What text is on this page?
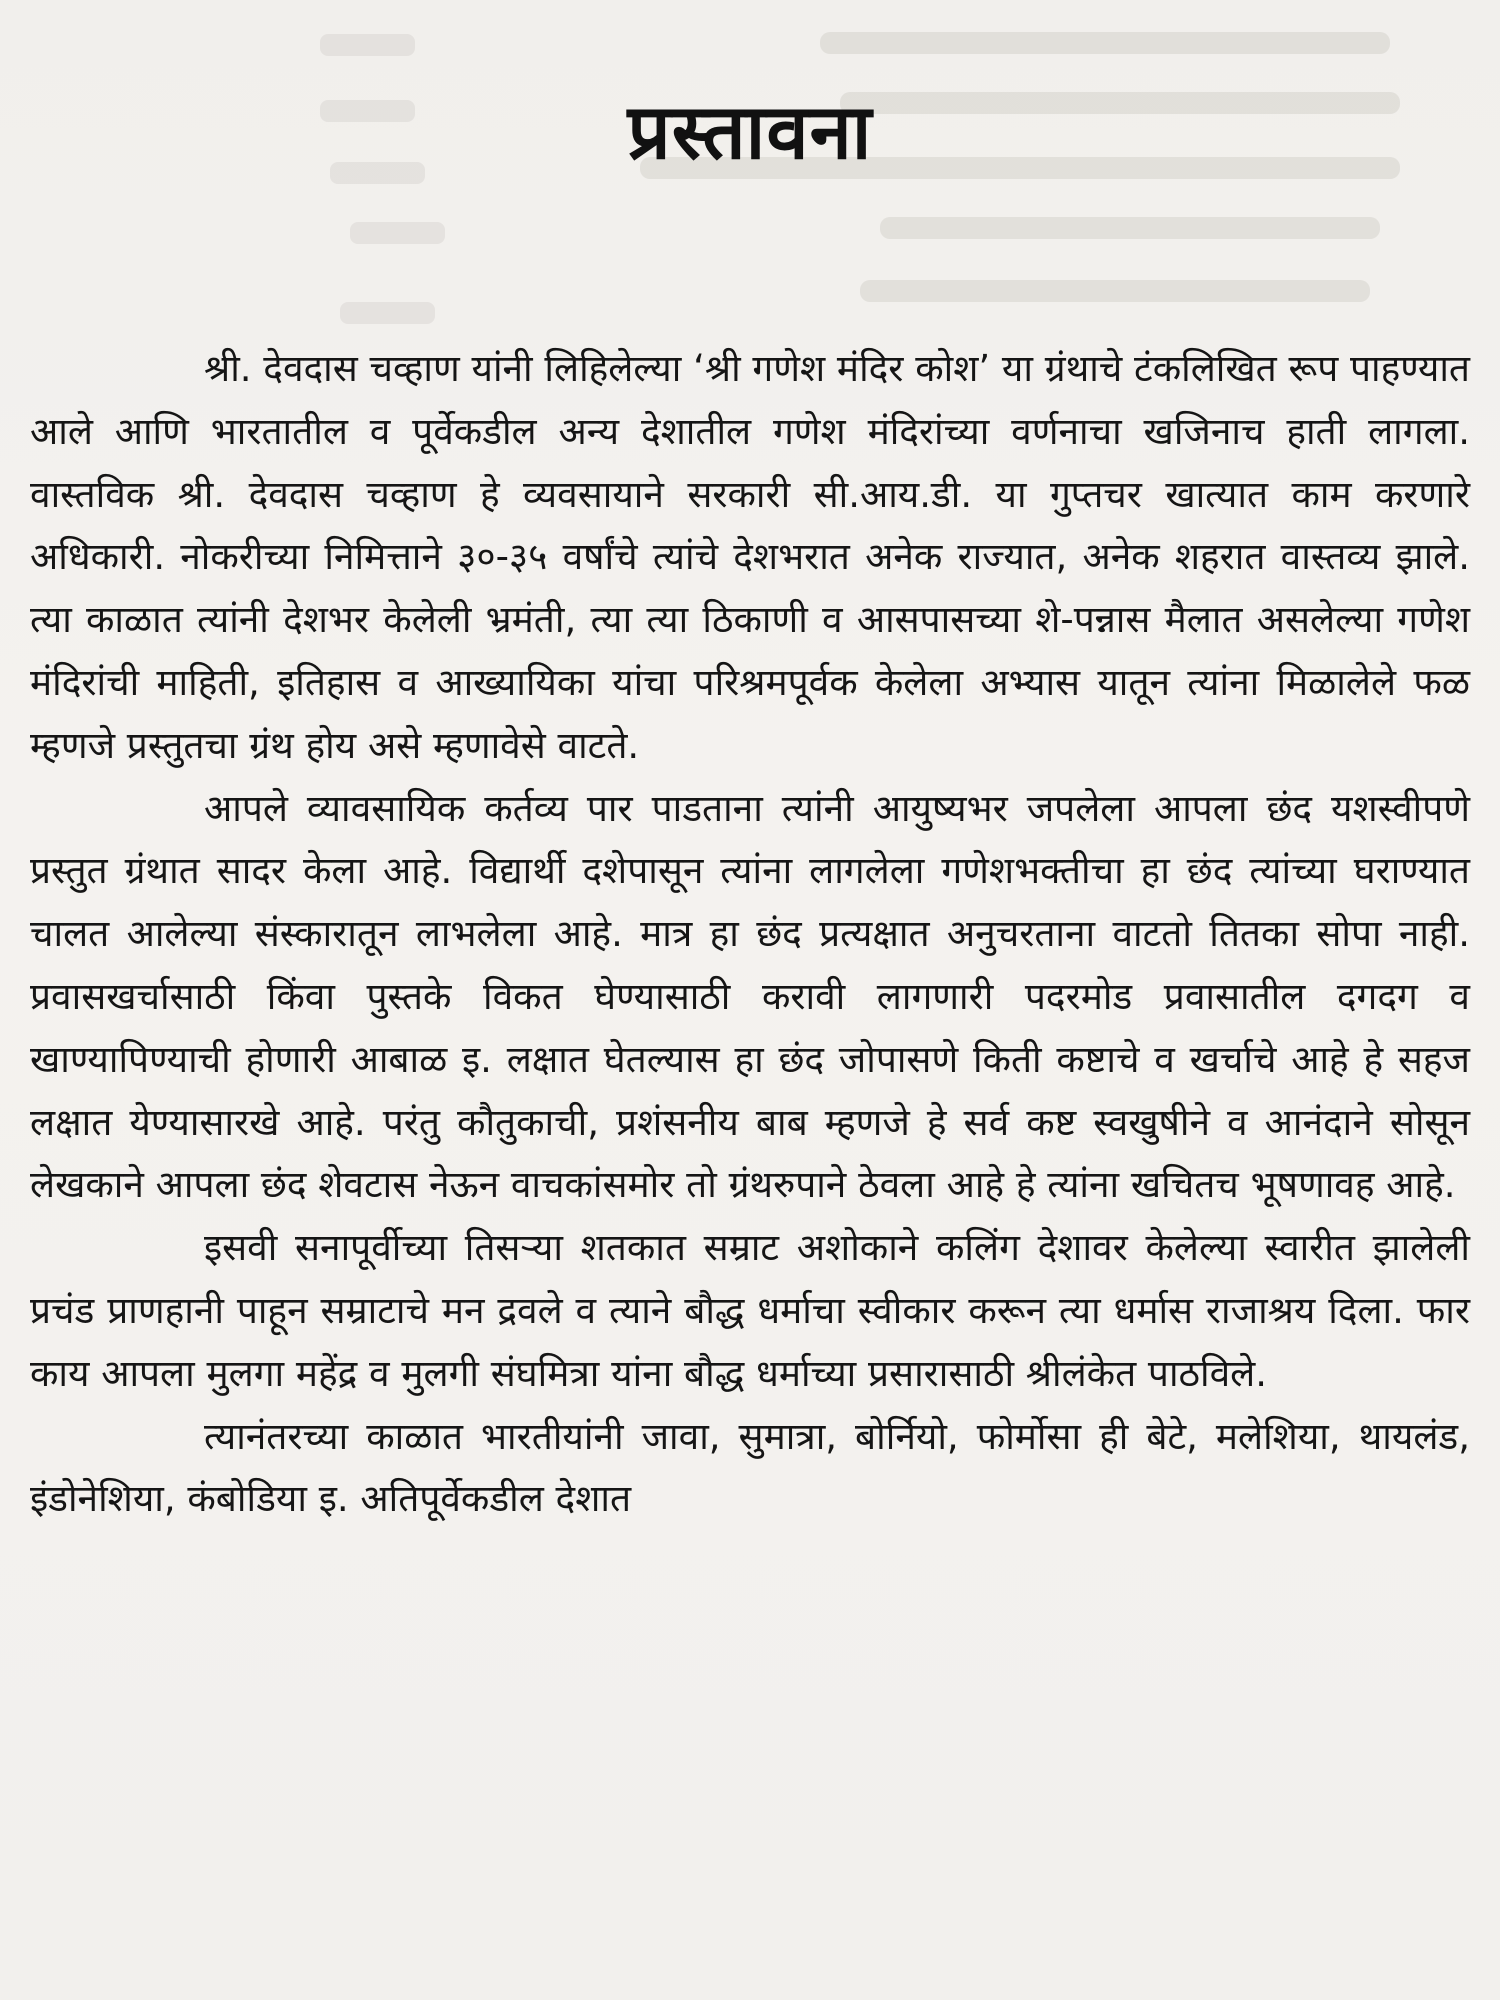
प्रस्तावना

श्री. देवदास चव्हाण यांनी लिहिलेल्या ‘श्री गणेश मंदिर कोश’ या ग्रंथाचे टंकलिखित रूप पाहण्यात आले आणि भारतातील व पूर्वेकडील अन्य देशातील गणेश मंदिरांच्या वर्णनाचा खजिनाच हाती लागला. वास्तविक श्री. देवदास चव्हाण हे व्यवसायाने सरकारी सी.आय.डी. या गुप्तचर खात्यात काम करणारे अधिकारी. नोकरीच्या निमित्ताने ३०-३५ वर्षांचे त्यांचे देशभरात अनेक राज्यात, अनेक शहरात वास्तव्य झाले. त्या काळात त्यांनी देशभर केलेली भ्रमंती, त्या त्या ठिकाणी व आसपासच्या शे-पन्नास मैलात असलेल्या गणेश मंदिरांची माहिती, इतिहास व आख्यायिका यांचा परिश्रमपूर्वक केलेला अभ्यास यातून त्यांना मिळालेले फळ म्हणजे प्रस्तुतचा ग्रंथ होय असे म्हणावेसे वाटते.

आपले व्यावसायिक कर्तव्य पार पाडताना त्यांनी आयुष्यभर जपलेला आपला छंद यशस्वीपणे प्रस्तुत ग्रंथात सादर केला आहे. विद्यार्थी दशेपासून त्यांना लागलेला गणेशभक्तीचा हा छंद त्यांच्या घराण्यात चालत आलेल्या संस्कारातून लाभलेला आहे. मात्र हा छंद प्रत्यक्षात अनुचरताना वाटतो तितका सोपा नाही. प्रवासखर्चासाठी किंवा पुस्तके विकत घेण्यासाठी करावी लागणारी पदरमोड प्रवासातील दगदग व खाण्यापिण्याची होणारी आबाळ इ. लक्षात घेतल्यास हा छंद जोपासणे किती कष्टाचे व खर्चाचे आहे हे सहज लक्षात येण्यासारखे आहे. परंतु कौतुकाची, प्रशंसनीय बाब म्हणजे हे सर्व कष्ट स्वखुषीने व आनंदाने सोसून लेखकाने आपला छंद शेवटास नेऊन वाचकांसमोर तो ग्रंथरुपाने ठेवला आहे हे त्यांना खचितच भूषणावह आहे.

इसवी सनापूर्वीच्या तिसऱ्या शतकात सम्राट अशोकाने कलिंग देशावर केलेल्या स्वारीत झालेली प्रचंड प्राणहानी पाहून सम्राटाचे मन द्रवले व त्याने बौद्ध धर्माचा स्वीकार करून त्या धर्मास राजाश्रय दिला. फार काय आपला मुलगा महेंद्र व मुलगी संघमित्रा यांना बौद्ध धर्माच्या प्रसारासाठी श्रीलंकेत पाठविले.

त्यानंतरच्या काळात भारतीयांनी जावा, सुमात्रा, बोर्नियो, फोर्मोसा ही बेटे, मलेशिया, थायलंड, इंडोनेशिया, कंबोडिया इ. अतिपूर्वेकडील देशात
